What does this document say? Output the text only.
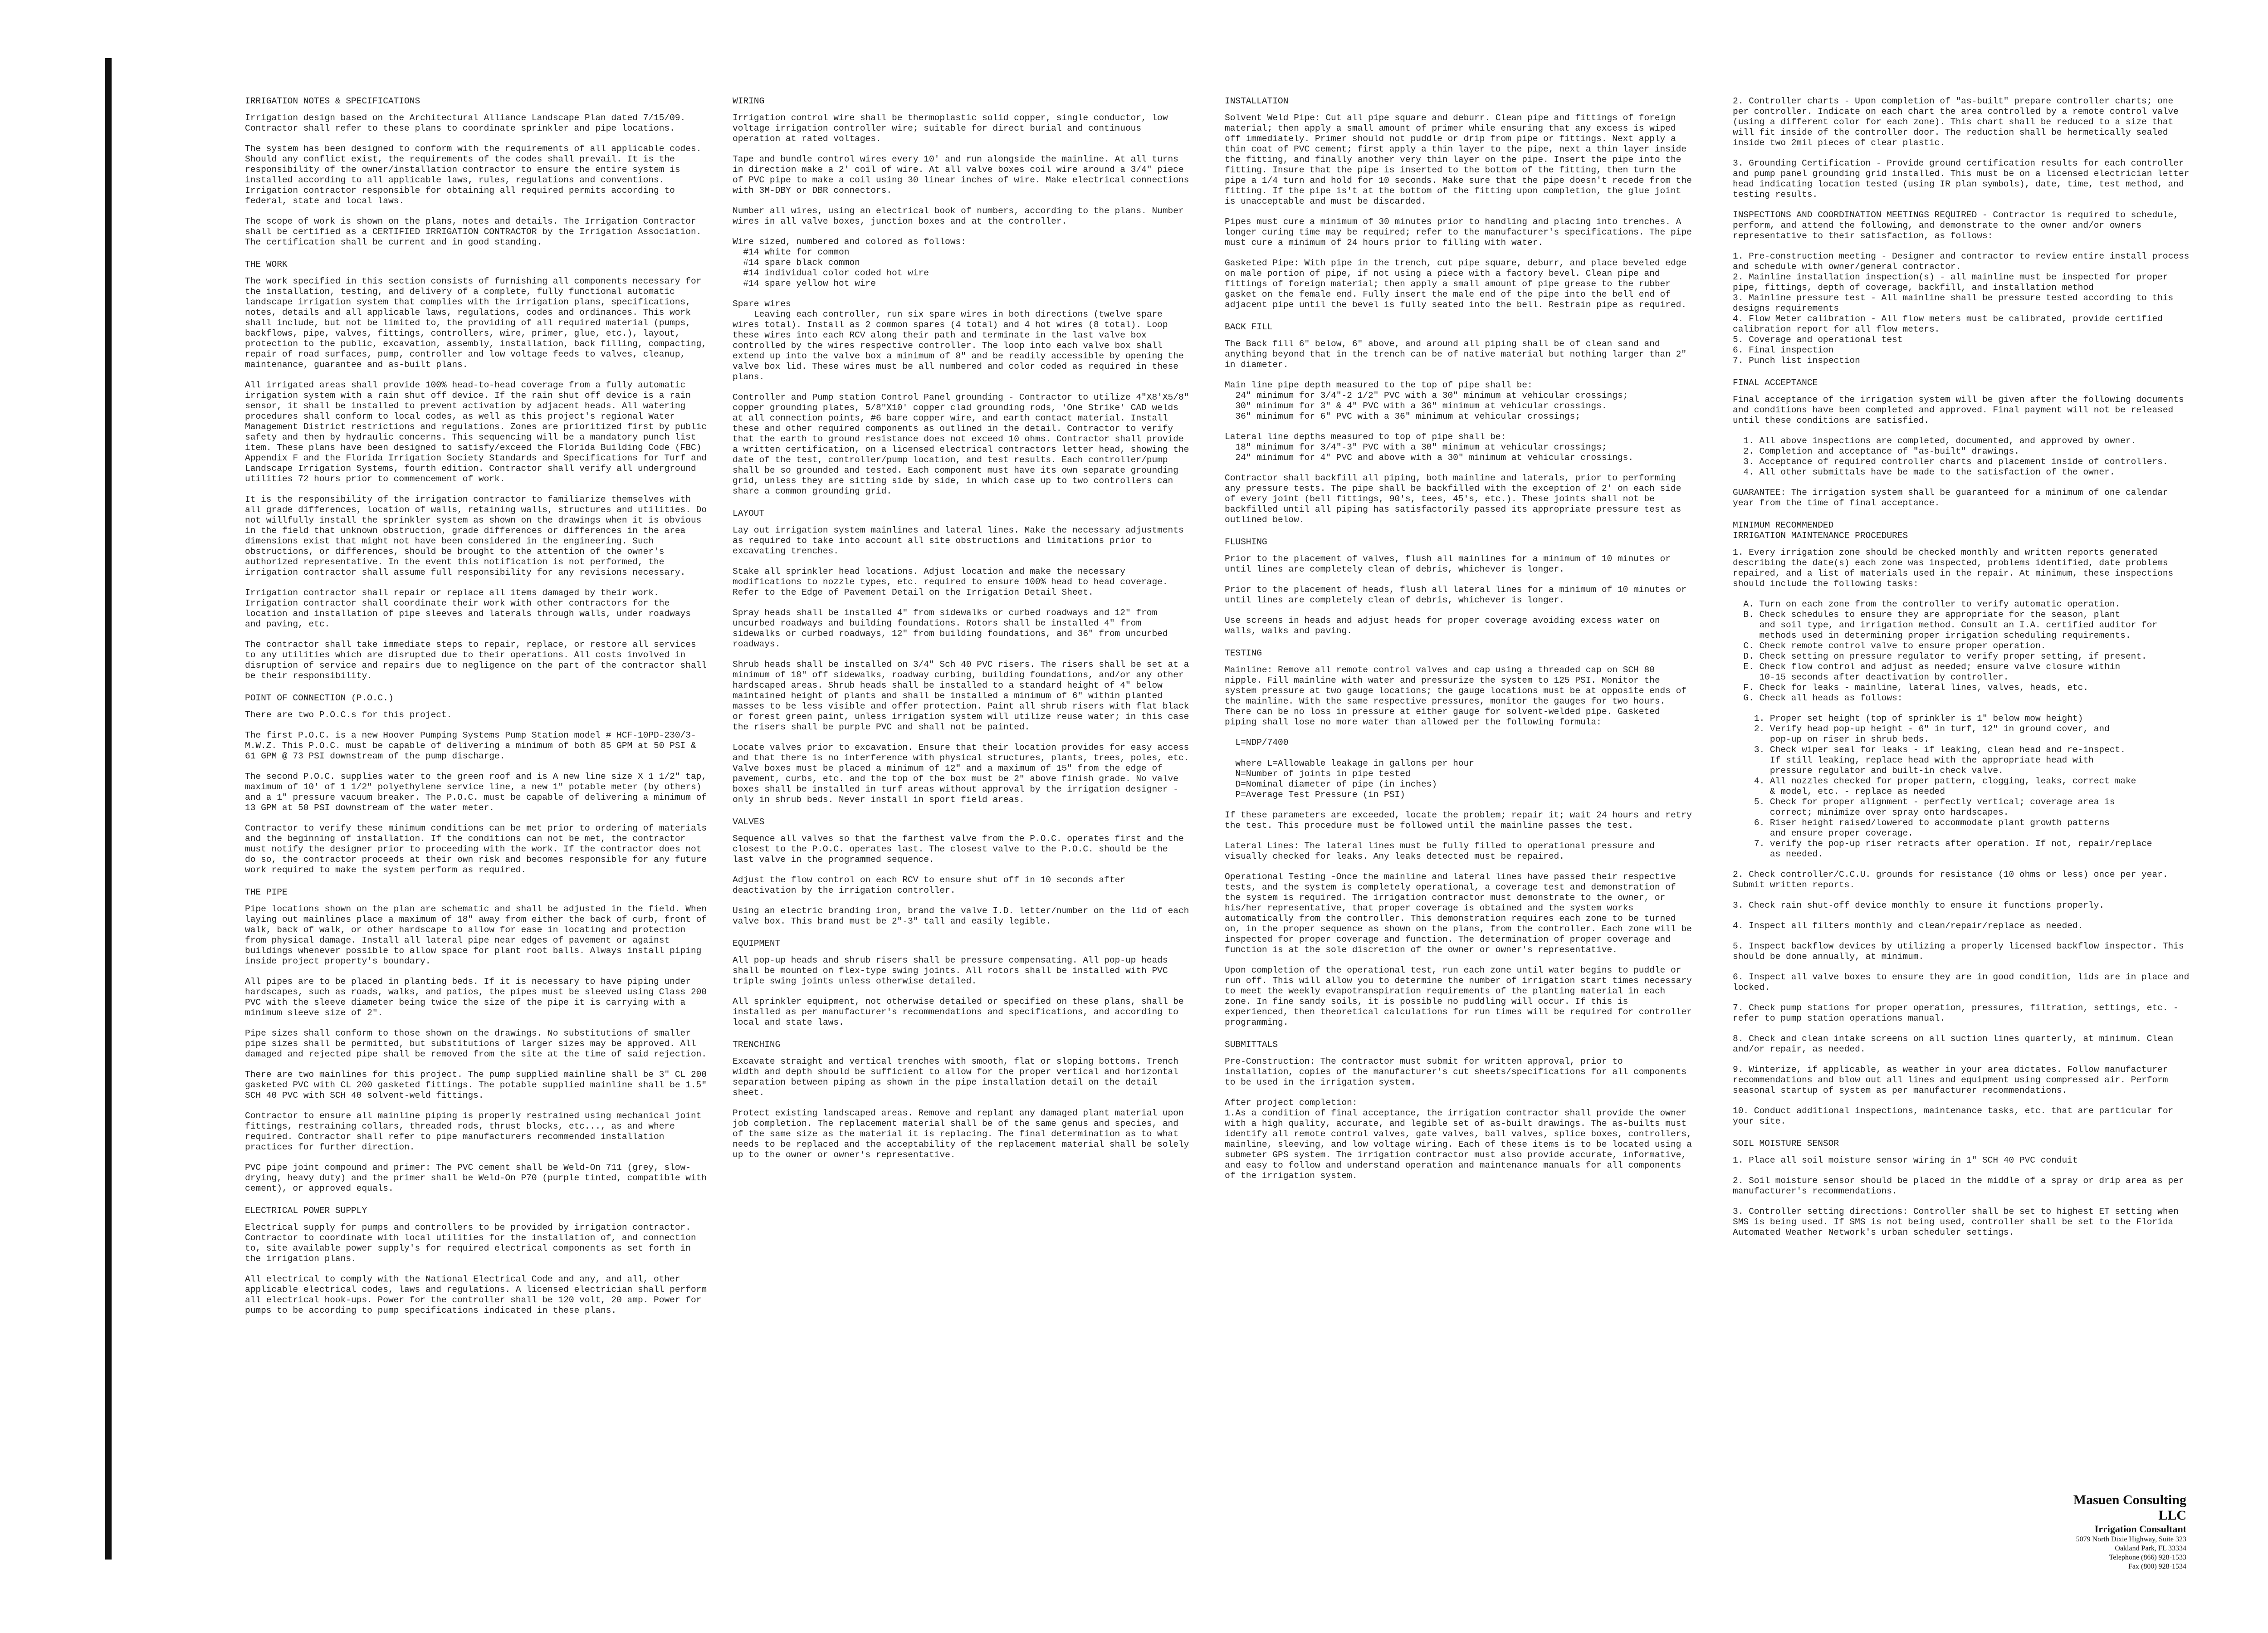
IRRIGATION NOTES & SPECIFICATIONS

Irrigation design based on the Architectural Alliance Landscape Plan dated 7/15/09. Contractor shall refer to these plans to coordinate sprinkler and pipe locations.

The system has been designed to conform with the requirements of all applicable codes. Should any conflict exist, the requirements of the codes shall prevail. It is the responsibility of the owner/installation contractor to ensure the entire system is installed according to all applicable laws, rules, regulations and conventions. Irrigation contractor responsible for obtaining all required permits according to federal, state and local laws.

The scope of work is shown on the plans, notes and details. The Irrigation Contractor shall be certified as a CERTIFIED IRRIGATION CONTRACTOR by the Irrigation Association. The certification shall be current and in good standing.

THE WORK

The work specified in this section consists of furnishing all components necessary for the installation, testing, and delivery of a complete, fully functional automatic landscape irrigation system that complies with the irrigation plans, specifications, notes, details and all applicable laws, regulations, codes and ordinances. This work shall include, but not be limited to, the providing of all required material (pumps, backflows, pipe, valves, fittings, controllers, wire, primer, glue, etc.), layout, protection to the public, excavation, assembly, installation, back filling, compacting, repair of road surfaces, pump, controller and low voltage feeds to valves, cleanup, maintenance, guarantee and as-built plans.

All irrigated areas shall provide 100% head-to-head coverage from a fully automatic irrigation system with a rain shut off device. If the rain shut off device is a rain sensor, it shall be installed to prevent activation by adjacent heads. All watering procedures shall conform to local codes, as well as this project's regional Water Management District restrictions and regulations. Zones are prioritized first by public safety and then by hydraulic concerns. This sequencing will be a mandatory punch list item. These plans have been designed to satisfy/exceed the Florida Building Code (FBC) Appendix F and the Florida Irrigation Society Standards and Specifications for Turf and Landscape Irrigation Systems, fourth edition. Contractor shall verify all underground utilities 72 hours prior to commencement of work.

It is the responsibility of the irrigation contractor to familiarize themselves with all grade differences, location of walls, retaining walls, structures and utilities. Do not willfully install the sprinkler system as shown on the drawings when it is obvious in the field that unknown obstruction, grade differences or differences in the area dimensions exist that might not have been considered in the engineering. Such obstructions, or differences, should be brought to the attention of the owner's authorized representative. In the event this notification is not performed, the irrigation contractor shall assume full responsibility for any revisions necessary.

Irrigation contractor shall repair or replace all items damaged by their work. Irrigation contractor shall coordinate their work with other contractors for the location and installation of pipe sleeves and laterals through walls, under roadways and paving, etc.

The contractor shall take immediate steps to repair, replace, or restore all services to any utilities which are disrupted due to their operations. All costs involved in disruption of service and repairs due to negligence on the part of the contractor shall be their responsibility.

POINT OF CONNECTION (P.O.C.)

There are two P.O.C.s for this project.

The first P.O.C. is a new Hoover Pumping Systems Pump Station model # HCF-10PD-230/3-M.W.Z. This P.O.C. must be capable of delivering a minimum of both 85 GPM at 50 PSI & 61 GPM @ 73 PSI downstream of the pump discharge.

The second P.O.C. supplies water to the green roof and is A new line size X 1 1/2" tap, maximum of 10' of 1 1/2" polyethylene service line, a new 1" potable meter (by others) and a 1" pressure vacuum breaker. The P.O.C. must be capable of delivering a minimum of 13 GPM at 50 PSI downstream of the water meter.

Contractor to verify these minimum conditions can be met prior to ordering of materials and the beginning of installation. If the conditions can not be met, the contractor must notify the designer prior to proceeding with the work. If the contractor does not do so, the contractor proceeds at their own risk and becomes responsible for any future work required to make the system perform as required.

THE PIPE

Pipe locations shown on the plan are schematic and shall be adjusted in the field. When laying out mainlines place a maximum of 18" away from either the back of curb, front of walk, back of walk, or other hardscape to allow for ease in locating and protection from physical damage. Install all lateral pipe near edges of pavement or against buildings whenever possible to allow space for plant root balls. Always install piping inside project property's boundary.

All pipes are to be placed in planting beds. If it is necessary to have piping under hardscapes, such as roads, walks, and patios, the pipes must be sleeved using Class 200 PVC with the sleeve diameter being twice the size of the pipe it is carrying with a minimum sleeve size of 2".

Pipe sizes shall conform to those shown on the drawings. No substitutions of smaller pipe sizes shall be permitted, but substitutions of larger sizes may be approved. All damaged and rejected pipe shall be removed from the site at the time of said rejection.

There are two mainlines for this project. The pump supplied mainline shall be 3" CL 200 gasketed PVC with CL 200 gasketed fittings. The potable supplied mainline shall be 1.5" SCH 40 PVC with SCH 40 solvent-weld fittings.

Contractor to ensure all mainline piping is properly restrained using mechanical joint fittings, restraining collars, threaded rods, thrust blocks, etc..., as and where required. Contractor shall refer to pipe manufacturers recommended installation practices for further direction.

PVC pipe joint compound and primer: The PVC cement shall be Weld-On 711 (grey, slow-drying, heavy duty) and the primer shall be Weld-On P70 (purple tinted, compatible with cement), or approved equals.

ELECTRICAL POWER SUPPLY

Electrical supply for pumps and controllers to be provided by irrigation contractor. Contractor to coordinate with local utilities for the installation of, and connection to, site available power supply's for required electrical components as set forth in the irrigation plans.

All electrical to comply with the National Electrical Code and any, and all, other applicable electrical codes, laws and regulations. A licensed electrician shall perform all electrical hook-ups. Power for the controller shall be 120 volt, 20 amp. Power for pumps to be according to pump specifications indicated in these plans.

WIRING

Irrigation control wire shall be thermoplastic solid copper, single conductor, low voltage irrigation controller wire; suitable for direct burial and continuous operation at rated voltages.

Tape and bundle control wires every 10' and run alongside the mainline. At all turns in direction make a 2' coil of wire. At all valve boxes coil wire around a 3/4" piece of PVC pipe to make a coil using 30 linear inches of wire. Make electrical connections with 3M-DBY or DBR connectors.

Number all wires, using an electrical book of numbers, according to the plans. Number wires in all valve boxes, junction boxes and at the controller.

Wire sized, numbered and colored as follows:
#14 white for common
#14 spare black common
#14 individual color coded hot wire
#14 spare yellow hot wire

Spare wires
Leaving each controller, run six spare wires in both directions (twelve spare wires total). Install as 2 common spares (4 total) and 4 hot wires (8 total). Loop these wires into each RCV along their path and terminate in the last valve box controlled by the wires respective controller. The loop into each valve box shall extend up into the valve box a minimum of 8" and be readily accessible by opening the valve box lid. These wires must be all numbered and color coded as required in these plans.

Controller and Pump station Control Panel grounding - Contractor to utilize 4"X8'X5/8" copper grounding plates, 5/8"X10' copper clad grounding rods, 'One Strike' CAD welds at all connection points, #6 bare copper wire, and earth contact material. Install these and other required components as outlined in the detail. Contractor to verify that the earth to ground resistance does not exceed 10 ohms. Contractor shall provide a written certification, on a licensed electrical contractors letter head, showing the date of the test, controller/pump location, and test results. Each controller/pump shall be so grounded and tested. Each component must have its own separate grounding grid, unless they are sitting side by side, in which case up to two controllers can share a common grounding grid.

LAYOUT

Lay out irrigation system mainlines and lateral lines. Make the necessary adjustments as required to take into account all site obstructions and limitations prior to excavating trenches.

Stake all sprinkler head locations. Adjust location and make the necessary modifications to nozzle types, etc. required to ensure 100% head to head coverage. Refer to the Edge of Pavement Detail on the Irrigation Detail Sheet.

Spray heads shall be installed 4" from sidewalks or curbed roadways and 12" from uncurbed roadways and building foundations. Rotors shall be installed 4" from sidewalks or curbed roadways, 12" from building foundations, and 36" from uncurbed roadways.

Shrub heads shall be installed on 3/4" Sch 40 PVC risers. The risers shall be set at a minimum of 18" off sidewalks, roadway curbing, building foundations, and/or any other hardscaped areas. Shrub heads shall be installed to a standard height of 4" below maintained height of plants and shall be installed a minimum of 6" within planted masses to be less visible and offer protection. Paint all shrub risers with flat black or forest green paint, unless irrigation system will utilize reuse water; in this case the risers shall be purple PVC and shall not be painted.

Locate valves prior to excavation. Ensure that their location provides for easy access and that there is no interference with physical structures, plants, trees, poles, etc. Valve boxes must be placed a minimum of 12" and a maximum of 15" from the edge of pavement, curbs, etc. and the top of the box must be 2" above finish grade. No valve boxes shall be installed in turf areas without approval by the irrigation designer - only in shrub beds. Never install in sport field areas.

VALVES

Sequence all valves so that the farthest valve from the P.O.C. operates first and the closest to the P.O.C. operates last. The closest valve to the P.O.C. should be the last valve in the programmed sequence.

Adjust the flow control on each RCV to ensure shut off in 10 seconds after deactivation by the irrigation controller.

Using an electric branding iron, brand the valve I.D. letter/number on the lid of each valve box. This brand must be 2"-3" tall and easily legible.

EQUIPMENT

All pop-up heads and shrub risers shall be pressure compensating. All pop-up heads shall be mounted on flex-type swing joints. All rotors shall be installed with PVC triple swing joints unless otherwise detailed.

All sprinkler equipment, not otherwise detailed or specified on these plans, shall be installed as per manufacturer's recommendations and specifications, and according to local and state laws.

TRENCHING

Excavate straight and vertical trenches with smooth, flat or sloping bottoms. Trench width and depth should be sufficient to allow for the proper vertical and horizontal separation between piping as shown in the pipe installation detail on the detail sheet.

Protect existing landscaped areas. Remove and replant any damaged plant material upon job completion. The replacement material shall be of the same genus and species, and of the same size as the material it is replacing. The final determination as to what needs to be replaced and the acceptability of the replacement material shall be solely up to the owner or owner's representative.

INSTALLATION

Solvent Weld Pipe: Cut all pipe square and deburr. Clean pipe and fittings of foreign material; then apply a small amount of primer while ensuring that any excess is wiped off immediately. Primer should not puddle or drip from pipe or fittings. Next apply a thin coat of PVC cement; first apply a thin layer to the pipe, next a thin layer inside the fitting, and finally another very thin layer on the pipe. Insert the pipe into the fitting. Insure that the pipe is inserted to the bottom of the fitting, then turn the pipe a 1/4 turn and hold for 10 seconds. Make sure that the pipe doesn't recede from the fitting. If the pipe is't at the bottom of the fitting upon completion, the glue joint is unacceptable and must be discarded.

Pipes must cure a minimum of 30 minutes prior to handling and placing into trenches. A longer curing time may be required; refer to the manufacturer's specifications. The pipe must cure a minimum of 24 hours prior to filling with water.

Gasketed Pipe: With pipe in the trench, cut pipe square, deburr, and place beveled edge on male portion of pipe, if not using a piece with a factory bevel. Clean pipe and fittings of foreign material; then apply a small amount of pipe grease to the rubber gasket on the female end. Fully insert the male end of the pipe into the bell end of adjacent pipe until the bevel is fully seated into the bell. Restrain pipe as required.

BACK FILL

The Back fill 6" below, 6" above, and around all piping shall be of clean sand and anything beyond that in the trench can be of native material but nothing larger than 2" in diameter.

Main line pipe depth measured to the top of pipe shall be:
24" minimum for 3/4"-2 1/2" PVC with a 30" minimum at vehicular crossings;
30" minimum for 3" & 4" PVC with a 36" minimum at vehicular crossings.
36" minimum for 6" PVC with a 36" minimum at vehicular crossings;

Lateral line depths measured to top of pipe shall be:
18" minimum for 3/4"-3" PVC with a 30" minimum at vehicular crossings;
24" minimum for 4" PVC and above with a 30" minimum at vehicular crossings.

Contractor shall backfill all piping, both mainline and laterals, prior to performing any pressure tests. The pipe shall be backfilled with the exception of 2' on each side of every joint (bell fittings, 90's, tees, 45's, etc.). These joints shall not be backfilled until all piping has satisfactorily passed its appropriate pressure test as outlined below.

FLUSHING

Prior to the placement of valves, flush all mainlines for a minimum of 10 minutes or until lines are completely clean of debris, whichever is longer.

Prior to the placement of heads, flush all lateral lines for a minimum of 10 minutes or until lines are completely clean of debris, whichever is longer.

Use screens in heads and adjust heads for proper coverage avoiding excess water on walls, walks and paving.

TESTING

Mainline: Remove all remote control valves and cap using a threaded cap on SCH 80 nipple. Fill mainline with water and pressurize the system to 125 PSI. Monitor the system pressure at two gauge locations; the gauge locations must be at opposite ends of the mainline. With the same respective pressures, monitor the gauges for two hours. There can be no loss in pressure at either gauge for solvent-welded pipe. Gasketed piping shall lose no more water than allowed per the following formula:

L=NDP/7400

where L=Allowable leakage in gallons per hour
N=Number of joints in pipe tested
D=Nominal diameter of pipe (in inches)
P=Average Test Pressure (in PSI)

If these parameters are exceeded, locate the problem; repair it; wait 24 hours and retry the test. This procedure must be followed until the mainline passes the test.

Lateral Lines: The lateral lines must be fully filled to operational pressure and visually checked for leaks. Any leaks detected must be repaired.

Operational Testing -Once the mainline and lateral lines have passed their respective tests, and the system is completely operational, a coverage test and demonstration of the system is required. The irrigation contractor must demonstrate to the owner, or his/her representative, that proper coverage is obtained and the system works automatically from the controller. This demonstration requires each zone to be turned on, in the proper sequence as shown on the plans, from the controller. Each zone will be inspected for proper coverage and function. The determination of proper coverage and function is at the sole discretion of the owner or owner's representative.

Upon completion of the operational test, run each zone until water begins to puddle or run off. This will allow you to determine the number of irrigation start times necessary to meet the weekly evapotranspiration requirements of the planting material in each zone. In fine sandy soils, it is possible no puddling will occur. If this is experienced, then theoretical calculations for run times will be required for controller programming.

SUBMITTALS

Pre-Construction: The contractor must submit for written approval, prior to installation, copies of the manufacturer's cut sheets/specifications for all components to be used in the irrigation system.

After project completion:
1.As a condition of final acceptance, the irrigation contractor shall provide the owner with a high quality, accurate, and legible set of as-built drawings. The as-builts must identify all remote control valves, gate valves, ball valves, splice boxes, controllers, mainline, sleeving, and low voltage wiring. Each of these items is to be located using a submeter GPS system. The irrigation contractor must also provide accurate, informative, and easy to follow and understand operation and maintenance manuals for all components of the irrigation system.

2. Controller charts - Upon completion of "as-built" prepare controller charts; one per controller. Indicate on each chart the area controlled by a remote control valve (using a different color for each zone). This chart shall be reduced to a size that will fit inside of the controller door. The reduction shall be hermetically sealed inside two 2mil pieces of clear plastic.

3. Grounding Certification - Provide ground certification results for each controller and pump panel grounding grid installed. This must be on a licensed electrician letter head indicating location tested (using IR plan symbols), date, time, test method, and testing results.

INSPECTIONS AND COORDINATION MEETINGS REQUIRED - Contractor is required to schedule, perform, and attend the following, and demonstrate to the owner and/or owners representative to their satisfaction, as follows:

1. Pre-construction meeting - Designer and contractor to review entire install process and schedule with owner/general contractor.
2. Mainline installation inspection(s) - all mainline must be inspected for proper pipe, fittings, depth of coverage, backfill, and installation method
3. Mainline pressure test - All mainline shall be pressure tested according to this designs requirements
4. Flow Meter calibration - All flow meters must be calibrated, provide certified calibration report for all flow meters.
5. Coverage and operational test
6. Final inspection
7. Punch list inspection

FINAL ACCEPTANCE

Final acceptance of the irrigation system will be given after the following documents and conditions have been completed and approved. Final payment will not be released until these conditions are satisfied.

1. All above inspections are completed, documented, and approved by owner.
2. Completion and acceptance of "as-built" drawings.
3. Acceptance of required controller charts and placement inside of controllers.
4. All other submittals have be made to the satisfaction of the owner.

GUARANTEE: The irrigation system shall be guaranteed for a minimum of one calendar year from the time of final acceptance.

MINIMUM RECOMMENDED
IRRIGATION MAINTENANCE PROCEDURES

1. Every irrigation zone should be checked monthly and written reports generated describing the date(s) each zone was inspected, problems identified, date problems repaired, and a list of materials used in the repair. At minimum, these inspections should include the following tasks:

A. Turn on each zone from the controller to verify automatic operation.
B. Check schedules to ensure they are appropriate for the season, plant
and soil type, and irrigation method. Consult an I.A. certified auditor for
methods used in determining proper irrigation scheduling requirements.
C. Check remote control valve to ensure proper operation.
D. Check setting on pressure regulator to verify proper setting, if present.
E. Check flow control and adjust as needed; ensure valve closure within
10-15 seconds after deactivation by controller.
F. Check for leaks - mainline, lateral lines, valves, heads, etc.
G. Check all heads as follows:

1. Proper set height (top of sprinkler is 1" below mow height)
2. Verify head pop-up height - 6" in turf, 12" in ground cover, and
pop-up on riser in shrub beds.
3. Check wiper seal for leaks - if leaking, clean head and re-inspect.
If still leaking, replace head with the appropriate head with
pressure regulator and built-in check valve.
4. All nozzles checked for proper pattern, clogging, leaks, correct make
& model, etc. - replace as needed
5. Check for proper alignment - perfectly vertical; coverage area is
correct; minimize over spray onto hardscapes.
6. Riser height raised/lowered to accommodate plant growth patterns
and ensure proper coverage.
7. verify the pop-up riser retracts after operation. If not, repair/replace
as needed.

2. Check controller/C.C.U. grounds for resistance (10 ohms or less) once per year. Submit written reports.

3. Check rain shut-off device monthly to ensure it functions properly.

4. Inspect all filters monthly and clean/repair/replace as needed.

5. Inspect backflow devices by utilizing a properly licensed backflow inspector. This should be done annually, at minimum.

6. Inspect all valve boxes to ensure they are in good condition, lids are in place and locked.

7. Check pump stations for proper operation, pressures, filtration, settings, etc. - refer to pump station operations manual.

8. Check and clean intake screens on all suction lines quarterly, at minimum. Clean and/or repair, as needed.

9. Winterize, if applicable, as weather in your area dictates. Follow manufacturer recommendations and blow out all lines and equipment using compressed air. Perform seasonal startup of system as per manufacturer recommendations.

10. Conduct additional inspections, maintenance tasks, etc. that are particular for your site.

SOIL MOISTURE SENSOR

1. Place all soil moisture sensor wiring in 1" SCH 40 PVC conduit

2. Soil moisture sensor should be placed in the middle of a spray or drip area as per manufacturer's recommendations.

3. Controller setting directions: Controller shall be set to highest ET setting when SMS is being used. If SMS is not being used, controller shall be set to the Florida Automated Weather Network's urban scheduler settings.

Masuen Consulting LLC
Irrigation Consultant
5079 North Dixie Highway, Suite 323
Oakland Park, FL 33334
Telephone (866) 928-1533
Fax (800) 928-1534
